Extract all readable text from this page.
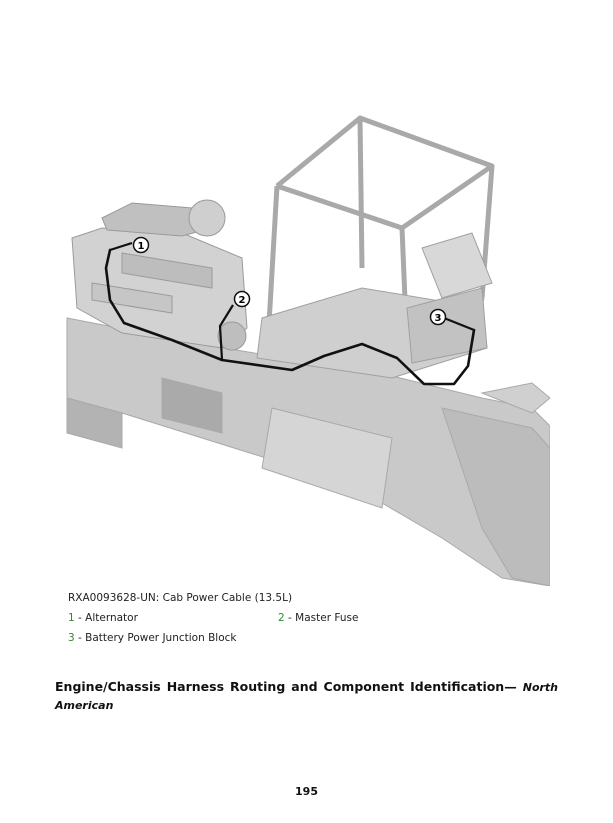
1
2
3
RXA0093628-UN: Cab Power Cable (13.5L)
1 - Alternator	2 - Master Fuse
3 - Battery Power Junction Block
Engine/Chassis Harness Routing and Component Identification— North American
195
